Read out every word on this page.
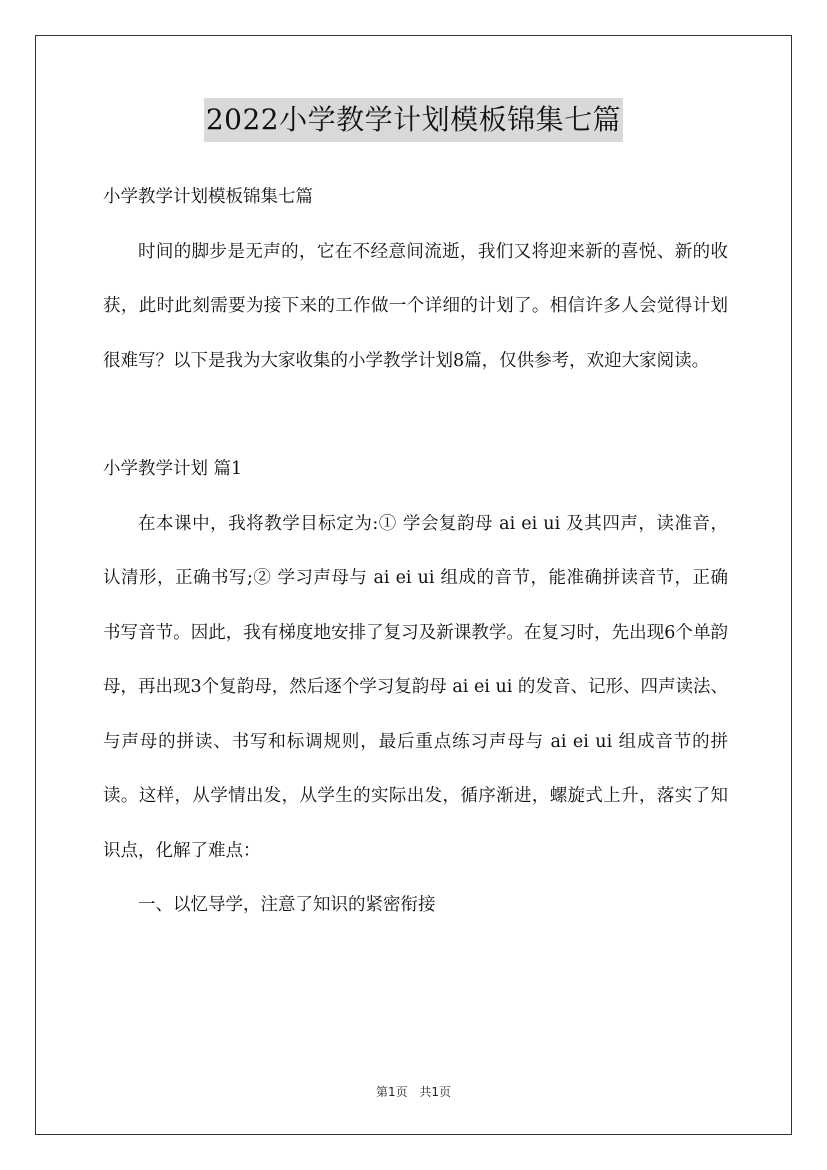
2022小学教学计划模板锦集七篇

小学教学计划模板锦集七篇

时间的脚步是无声的，它在不经意间流逝，我们又将迎来新的喜悦、新的收获，此时此刻需要为接下来的工作做一个详细的计划了。相信许多人会觉得计划很难写？以下是我为大家收集的小学教学计划8篇，仅供参考，欢迎大家阅读。

小学教学计划 篇1

在本课中，我将教学目标定为:① 学会复韵母 ai ei ui 及其四声，读准音，认清形，正确书写;② 学习声母与 ai ei ui 组成的音节，能准确拼读音节，正确书写音节。因此，我有梯度地安排了复习及新课教学。在复习时，先出现6个单韵母，再出现3个复韵母，然后逐个学习复韵母 ai ei ui 的发音、记形、四声读法、与声母的拼读、书写和标调规则，最后重点练习声母与 ai ei ui 组成音节的拼读。这样，从学情出发，从学生的实际出发，循序渐进，螺旋式上升，落实了知识点，化解了难点：

一、以忆导学，注意了知识的紧密衔接

第1页 共1页
